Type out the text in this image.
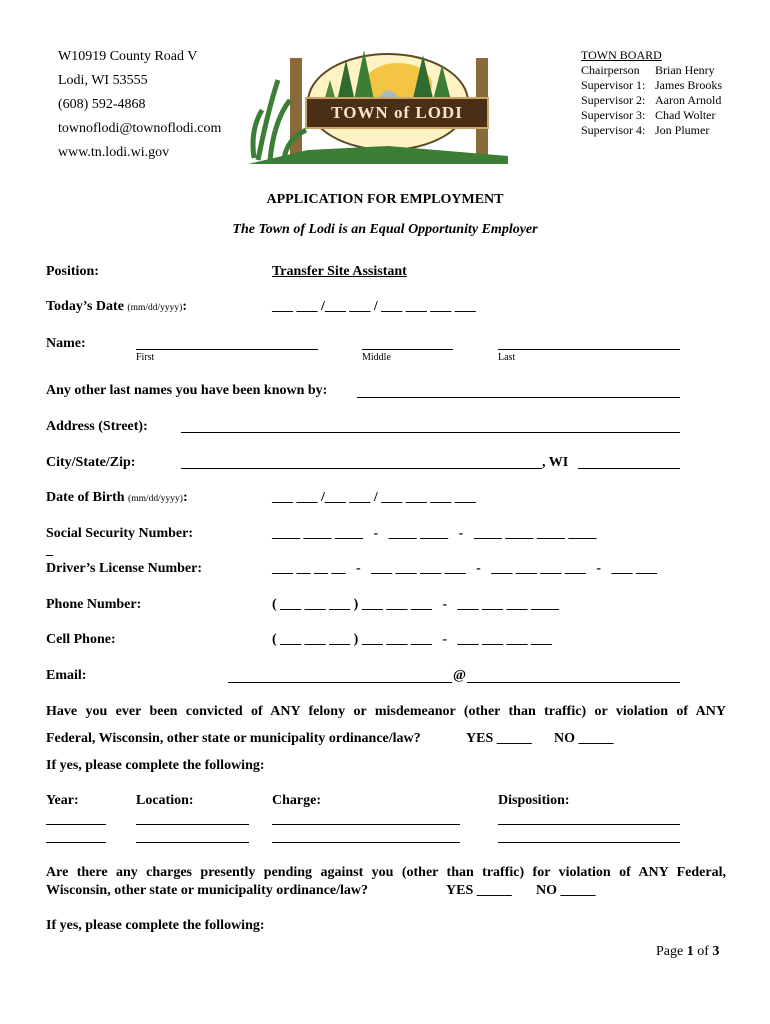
W10919 County Road V
Lodi, WI 53555
(608) 592-4868
townoflodi@townoflodi.com
www.tn.lodi.wi.gov
TOWN of LODI
TOWN BOARD
Chairperson Brian Henry
Supervisor 1: James Brooks
Supervisor 2: Aaron Arnold
Supervisor 3: Chad Wolter
Supervisor 4: Jon Plumer
APPLICATION FOR EMPLOYMENT
The Town of Lodi is an Equal Opportunity Employer
Position:	Transfer Site Assistant
Today’s Date (mm/dd/yyyy):	___ ___ /___ ___ / ___ ___ ___ ___
Name:
First	Middle	Last
Any other last names you have been known by:
Address (Street):
City/State/Zip:	, WI
Date of Birth (mm/dd/yyyy):	___ ___ /___ ___ / ___ ___ ___ ___
Social Security Number:	____ ____ ____   -   ____ ____   -   ____ ____ ____ ____
_
Driver’s License Number:	___ __ __ __   -   ___ ___ ___ ___   -   ___ ___ ___ ___   -   ___ ___
Phone Number:	( ___ ___ ___ ) ___ ___ ___   -   ___ ___ ___ ____
Cell Phone:	( ___ ___ ___ ) ___ ___ ___   -   ___ ___ ___ ___
Email:	@
Have you ever been convicted of ANY felony or misdemeanor (other than traffic) or violation of ANY
Federal, Wisconsin, other state or municipality ordinance/law?	YES _____ NO _____
If yes, please complete the following:
Year:	Location:	Charge:	Disposition:
Are there any charges presently pending against you (other than traffic) for violation of ANY Federal,
Wisconsin, other state or municipality ordinance/law?	YES _____ NO _____
If yes, please complete the following:
Page 1 of 3
